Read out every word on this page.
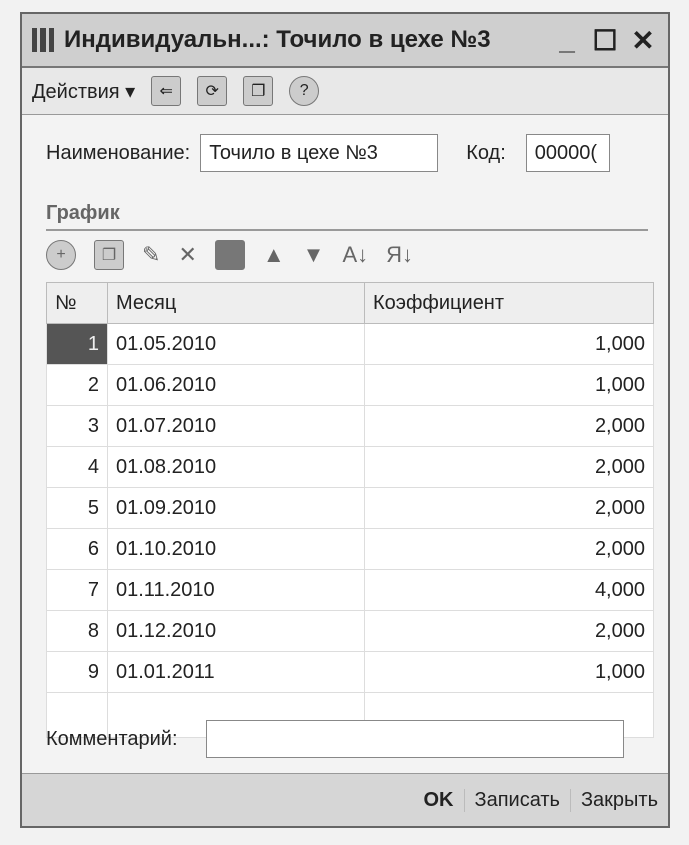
Индивидуальн...: Точило в цехе №3	_ ☐ ✕
Действия ▾	⇐	⟳	❐	?
Наименование: Точило в цехе №3	Код:	00000(
График
+	❐	✎ ✕	▲ ▼ А↓ Я↓
№	Месяц	Коэффициент
1	01.05.2010	1,000
2	01.06.2010	1,000
3	01.07.2010	2,000
4	01.08.2010	2,000
5	01.09.2010	2,000
6	01.10.2010	2,000
7	01.11.2010	4,000
8	01.12.2010	2,000
9	01.01.2011	1,000

Комментарий:
OK	Записать	Закрыть
